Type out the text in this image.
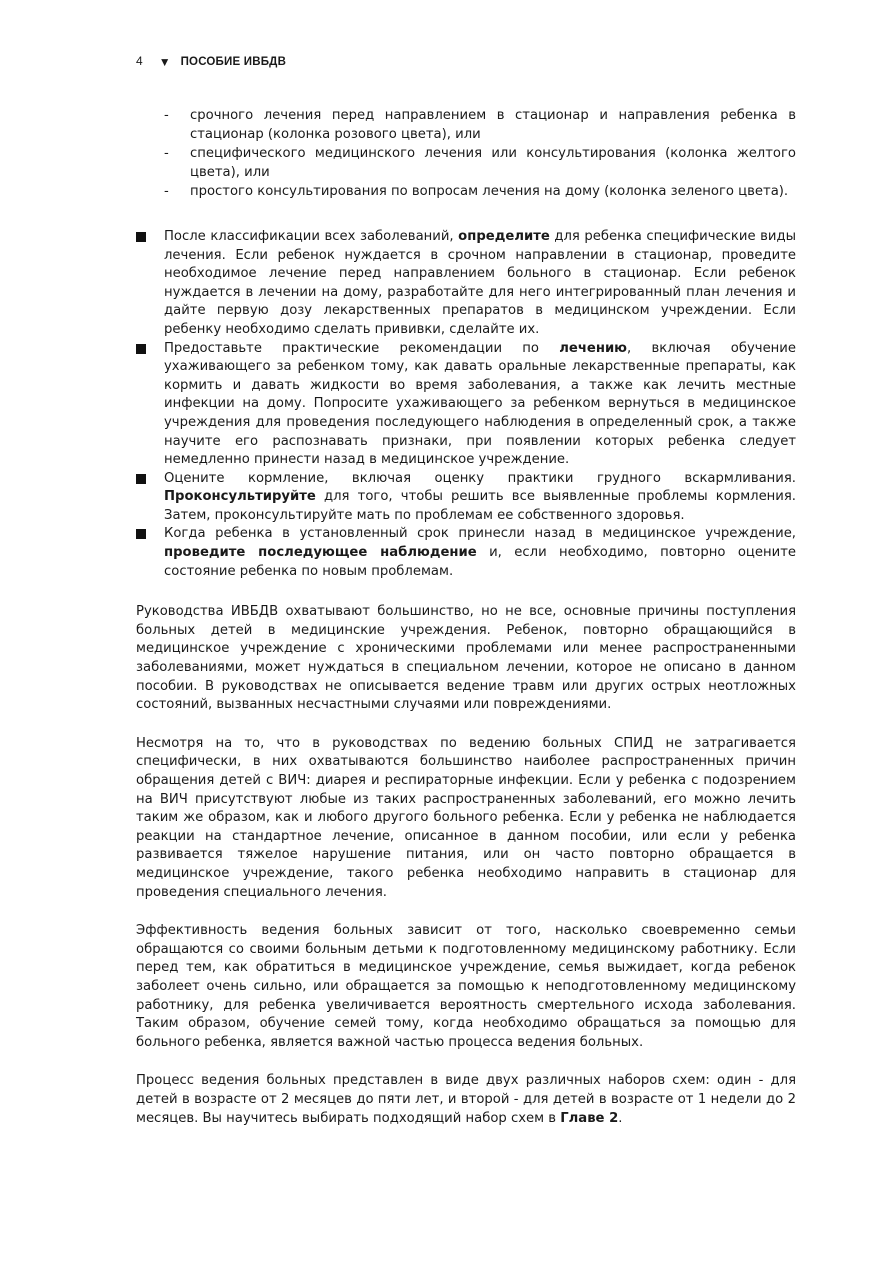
4 ▼ ПОСОБИЕ ИВБДВ
- срочного лечения перед направлением в стационар и направления ребенка в стационар (колонка розового цвета), или
- специфического медицинского лечения или консультирования (колонка желтого цвета), или
- простого консультирования по вопросам лечения на дому (колонка зеленого цвета).
После классификации всех заболеваний, определите для ребенка специфические виды лечения. Если ребенок нуждается в срочном направлении в стационар, проведите необходимое лечение перед направлением больного в стационар. Если ребенок нуждается в лечении на дому, разработайте для него интегрированный план лечения и дайте первую дозу лекарственных препаратов в медицинском учреждении. Если ребенку необходимо сделать прививки, сделайте их.
Предоставьте практические рекомендации по лечению, включая обучение ухаживающего за ребенком тому, как давать оральные лекарственные препараты, как кормить и давать жидкости во время заболевания, а также как лечить местные инфекции на дому. Попросите ухаживающего за ребенком вернуться в медицинское учреждения для проведения последующего наблюдения в определенный срок, а также научите его распознавать признаки, при появлении которых ребенка следует немедленно принести назад в медицинское учреждение.
Оцените кормление, включая оценку практики грудного вскармливания. Проконсультируйте для того, чтобы решить все выявленные проблемы кормления. Затем, проконсультируйте мать по проблемам ее собственного здоровья.
Когда ребенка в установленный срок принесли назад в медицинское учреждение, проведите последующее наблюдение и, если необходимо, повторно оцените состояние ребенка по новым проблемам.

Руководства ИВБДВ охватывают большинство, но не все, основные причины поступления больных детей в медицинские учреждения. Ребенок, повторно обращающийся в медицинское учреждение с хроническими проблемами или менее распространенными заболеваниями, может нуждаться в специальном лечении, которое не описано в данном пособии. В руководствах не описывается ведение травм или других острых неотложных состояний, вызванных несчастными случаями или повреждениями.

Несмотря на то, что в руководствах по ведению больных СПИД не затрагивается специфически, в них охватываются большинство наиболее распространенных причин обращения детей с ВИЧ: диарея и респираторные инфекции. Если у ребенка с подозрением на ВИЧ присутствуют любые из таких распространенных заболеваний, его можно лечить таким же образом, как и любого другого больного ребенка. Если у ребенка не наблюдается реакции на стандартное лечение, описанное в данном пособии, или если у ребенка развивается тяжелое нарушение питания, или он часто повторно обращается в медицинское учреждение, такого ребенка необходимо направить в стационар для проведения специального лечения.

Эффективность ведения больных зависит от того, насколько своевременно семьи обращаются со своими больным детьми к подготовленному медицинскому работнику. Если перед тем, как обратиться в медицинское учреждение, семья выжидает, когда ребенок заболеет очень сильно, или обращается за помощью к неподготовленному медицинскому работнику, для ребенка увеличивается вероятность смертельного исхода заболевания. Таким образом, обучение семей тому, когда необходимо обращаться за помощью для больного ребенка, является важной частью процесса ведения больных.

Процесс ведения больных представлен в виде двух различных наборов схем: один - для детей в возрасте от 2 месяцев до пяти лет, и второй - для детей в возрасте от 1 недели до 2 месяцев. Вы научитесь выбирать подходящий набор схем в Главе 2.
